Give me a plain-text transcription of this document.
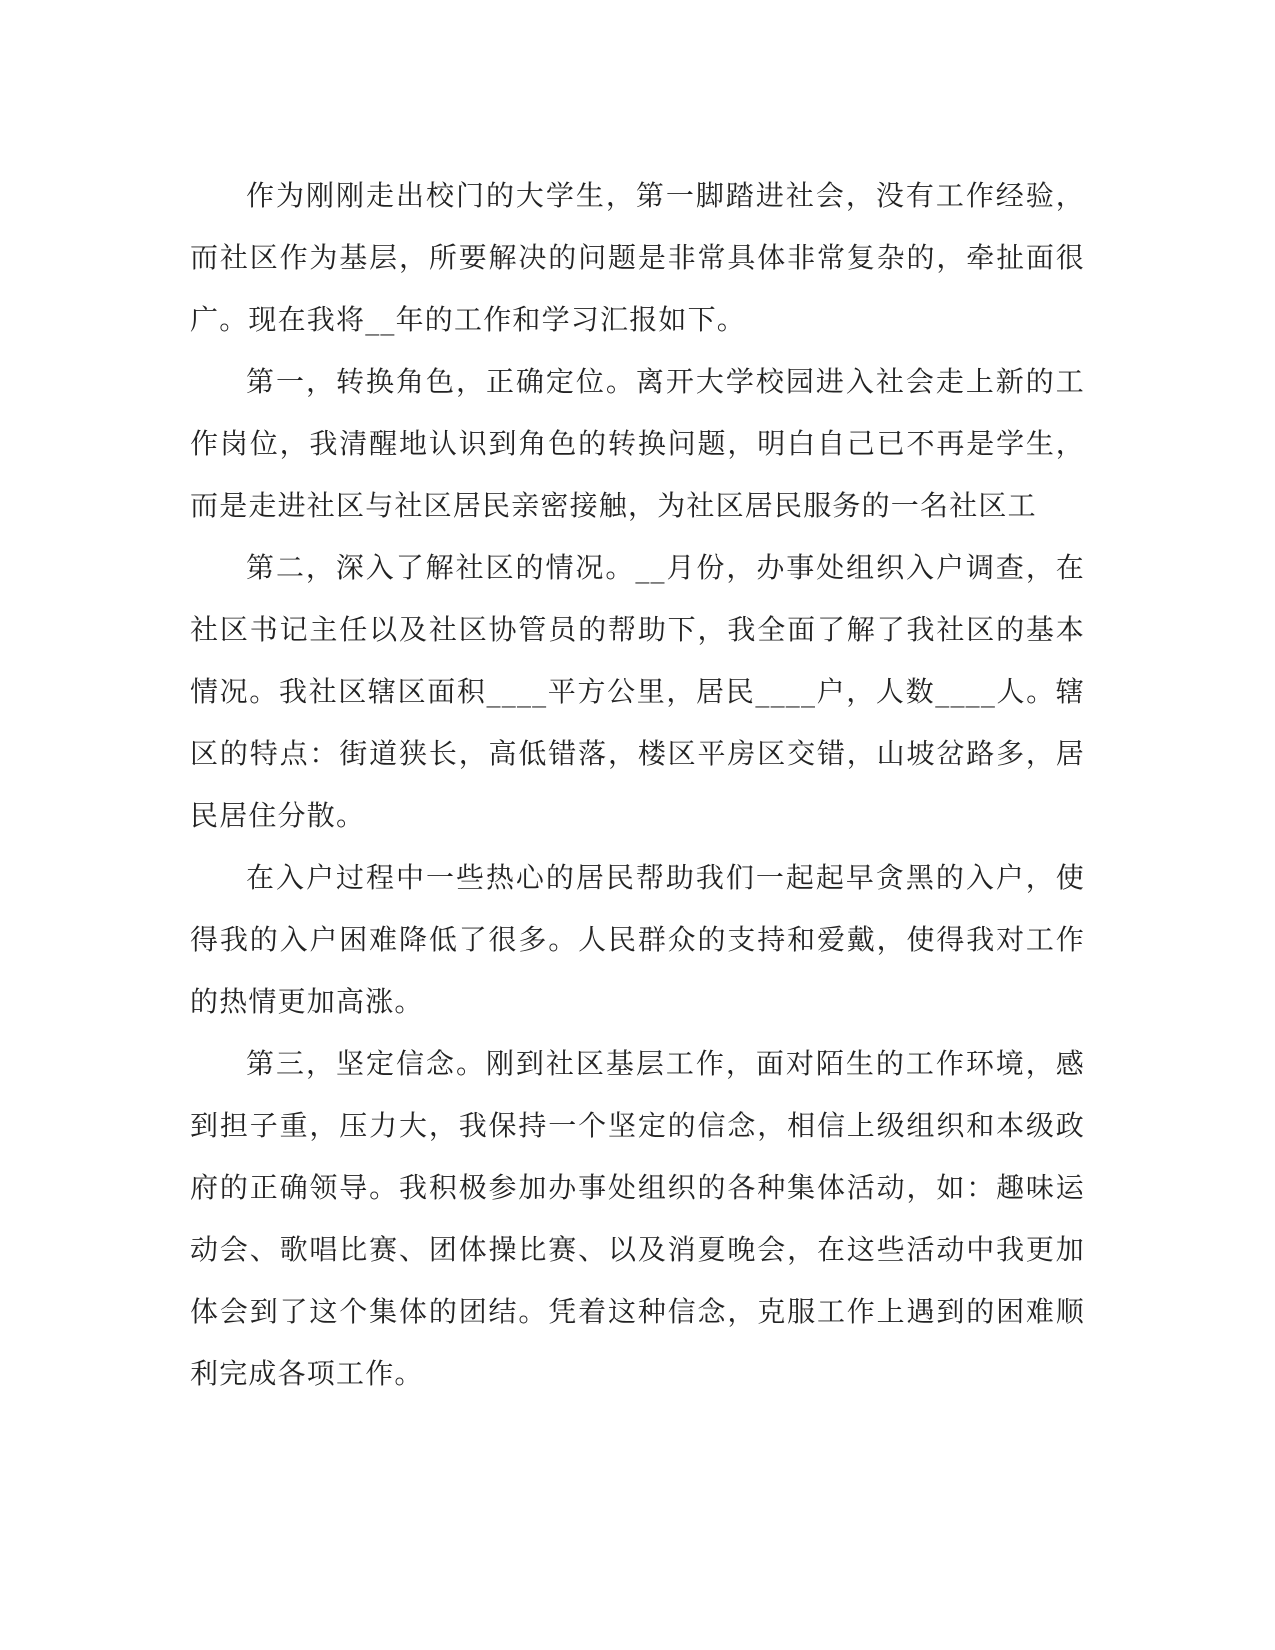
作为刚刚走出校门的大学生，第一脚踏进社会，没有工作经验，而社区作为基层，所要解决的问题是非常具体非常复杂的，牵扯面很广。现在我将__年的工作和学习汇报如下。

第一，转换角色，正确定位。离开大学校园进入社会走上新的工作岗位，我清醒地认识到角色的转换问题，明白自己已不再是学生，而是走进社区与社区居民亲密接触，为社区居民服务的一名社区工

第二，深入了解社区的情况。__月份，办事处组织入户调查，在社区书记主任以及社区协管员的帮助下，我全面了解了我社区的基本情况。我社区辖区面积____平方公里，居民____户，人数____人。辖区的特点：街道狭长，高低错落，楼区平房区交错，山坡岔路多，居民居住分散。

在入户过程中一些热心的居民帮助我们一起起早贪黑的入户，使得我的入户困难降低了很多。人民群众的支持和爱戴，使得我对工作的热情更加高涨。

第三，坚定信念。刚到社区基层工作，面对陌生的工作环境，感到担子重，压力大，我保持一个坚定的信念，相信上级组织和本级政府的正确领导。我积极参加办事处组织的各种集体活动，如：趣味运动会、歌唱比赛、团体操比赛、以及消夏晚会，在这些活动中我更加体会到了这个集体的团结。凭着这种信念，克服工作上遇到的困难顺利完成各项工作。
